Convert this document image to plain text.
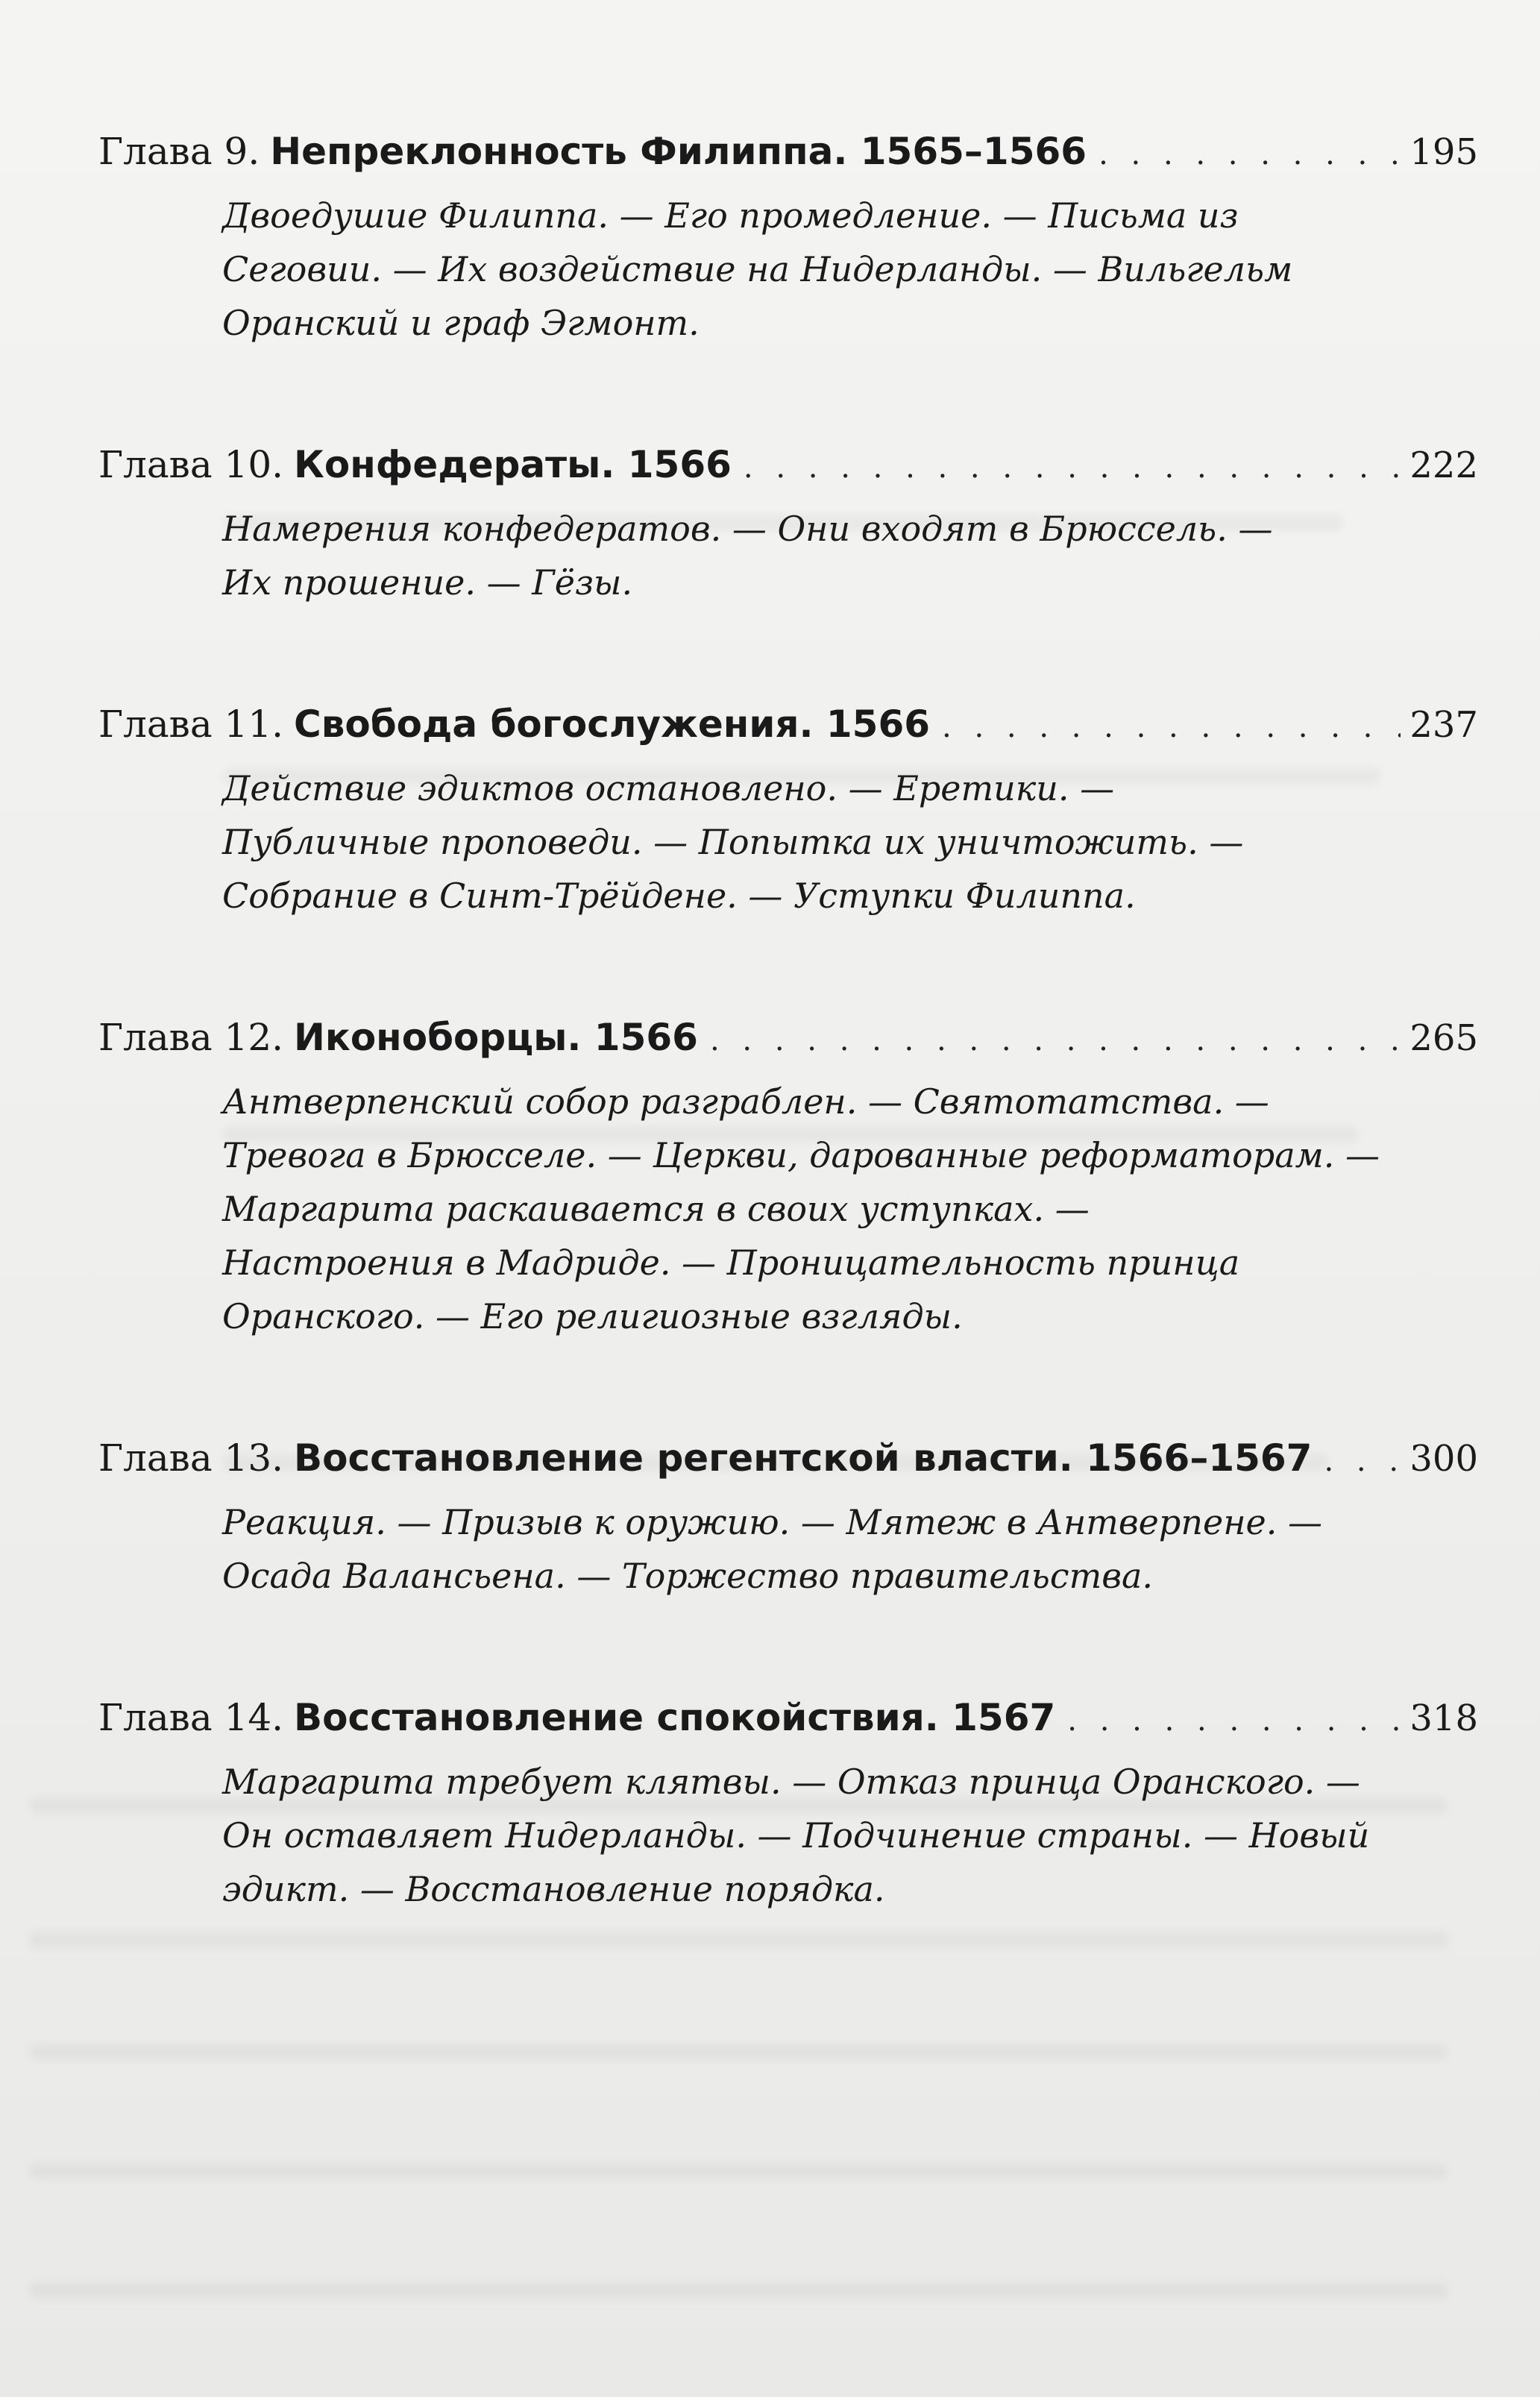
Глава 9. Непреклонность Филиппа. 1565–1566 . . .	195
Двоедушие Филиппа. — Его промедление. — Письма из
Сеговии. — Их воздействие на Нидерланды. — Вильгельм
Оранский и граф Эгмонт.
Глава 10. Конфедераты. 1566 . . .	222
Намерения конфедератов. — Они входят в Брюссель. —
Их прошение. — Гёзы.
Глава 11. Свобода богослужения. 1566 . . .	237
Действие эдиктов остановлено. — Еретики. —
Публичные проповеди. — Попытка их уничтожить. —
Собрание в Синт-Трёйдене. — Уступки Филиппа.
Глава 12. Иконоборцы. 1566 . . .	265
Антверпенский собор разграблен. — Святотатства. —
Тревога в Брюсселе. — Церкви, дарованные реформаторам. —
Маргарита раскаивается в своих уступках. —
Настроения в Мадриде. — Проницательность принца
Оранского. — Его религиозные взгляды.
Глава 13. Восстановление регентской власти. 1566–1567 . . .	300
Реакция. — Призыв к оружию. — Мятеж в Антверпене. —
Осада Валансьена. — Торжество правительства.
Глава 14. Восстановление спокойствия. 1567 . . .	318
Маргарита требует клятвы. — Отказ принца Оранского. —
Он оставляет Нидерланды. — Подчинение страны. — Новый
эдикт. — Восстановление порядка.
